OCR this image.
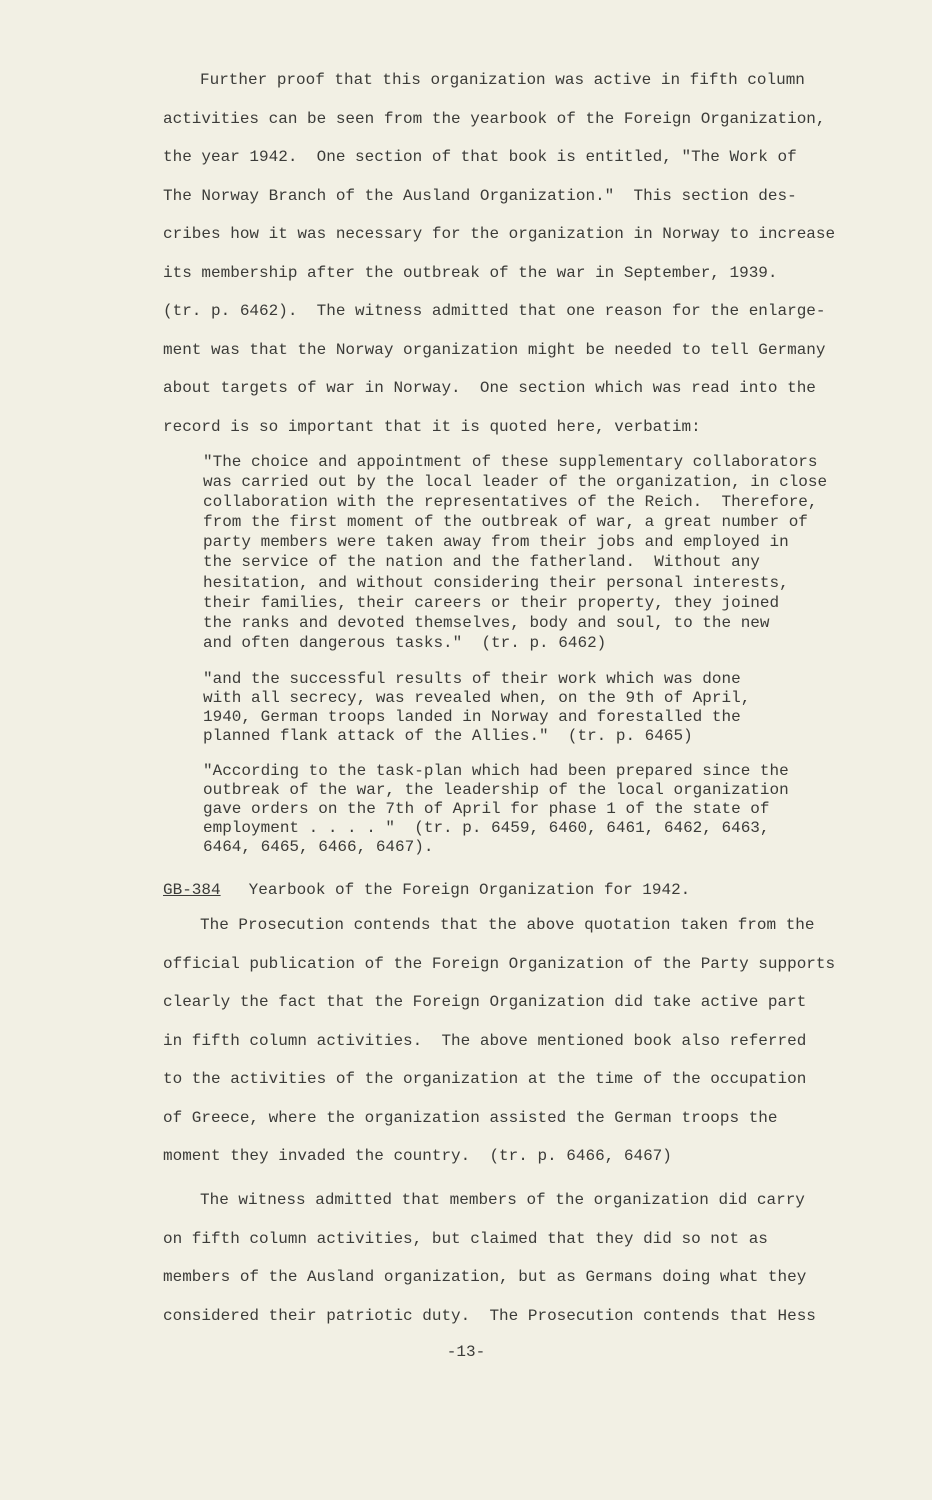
Further proof that this organization was active in fifth column
activities can be seen from the yearbook of the Foreign Organization,
the year 1942.  One section of that book is entitled, "The Work of
The Norway Branch of the Ausland Organization."  This section des-
cribes how it was necessary for the organization in Norway to increase
its membership after the outbreak of the war in September, 1939.
(tr. p. 6462).  The witness admitted that one reason for the enlarge-
ment was that the Norway organization might be needed to tell Germany
about targets of war in Norway.  One section which was read into the
record is so important that it is quoted here, verbatim:
"The choice and appointment of these supplementary collaborators
was carried out by the local leader of the organization, in close
collaboration with the representatives of the Reich.  Therefore,
from the first moment of the outbreak of war, a great number of
party members were taken away from their jobs and employed in
the service of the nation and the fatherland.  Without any
hesitation, and without considering their personal interests,
their families, their careers or their property, they joined
the ranks and devoted themselves, body and soul, to the new
and often dangerous tasks."  (tr. p. 6462)
"and the successful results of their work which was done
with all secrecy, was revealed when, on the 9th of April,
1940, German troops landed in Norway and forestalled the
planned flank attack of the Allies."  (tr. p. 6465)
"According to the task-plan which had been prepared since the
outbreak of the war, the leadership of the local organization
gave orders on the 7th of April for phase 1 of the state of
employment . . . . "  (tr. p. 6459, 6460, 6461, 6462, 6463,
6464, 6465, 6466, 6467).
GB-384 Yearbook of the Foreign Organization for 1942.
The Prosecution contends that the above quotation taken from the
official publication of the Foreign Organization of the Party supports
clearly the fact that the Foreign Organization did take active part
in fifth column activities.  The above mentioned book also referred
to the activities of the organization at the time of the occupation
of Greece, where the organization assisted the German troops the
moment they invaded the country.  (tr. p. 6466, 6467)
The witness admitted that members of the organization did carry
on fifth column activities, but claimed that they did so not as
members of the Ausland organization, but as Germans doing what they
considered their patriotic duty.  The Prosecution contends that Hess
-13-
